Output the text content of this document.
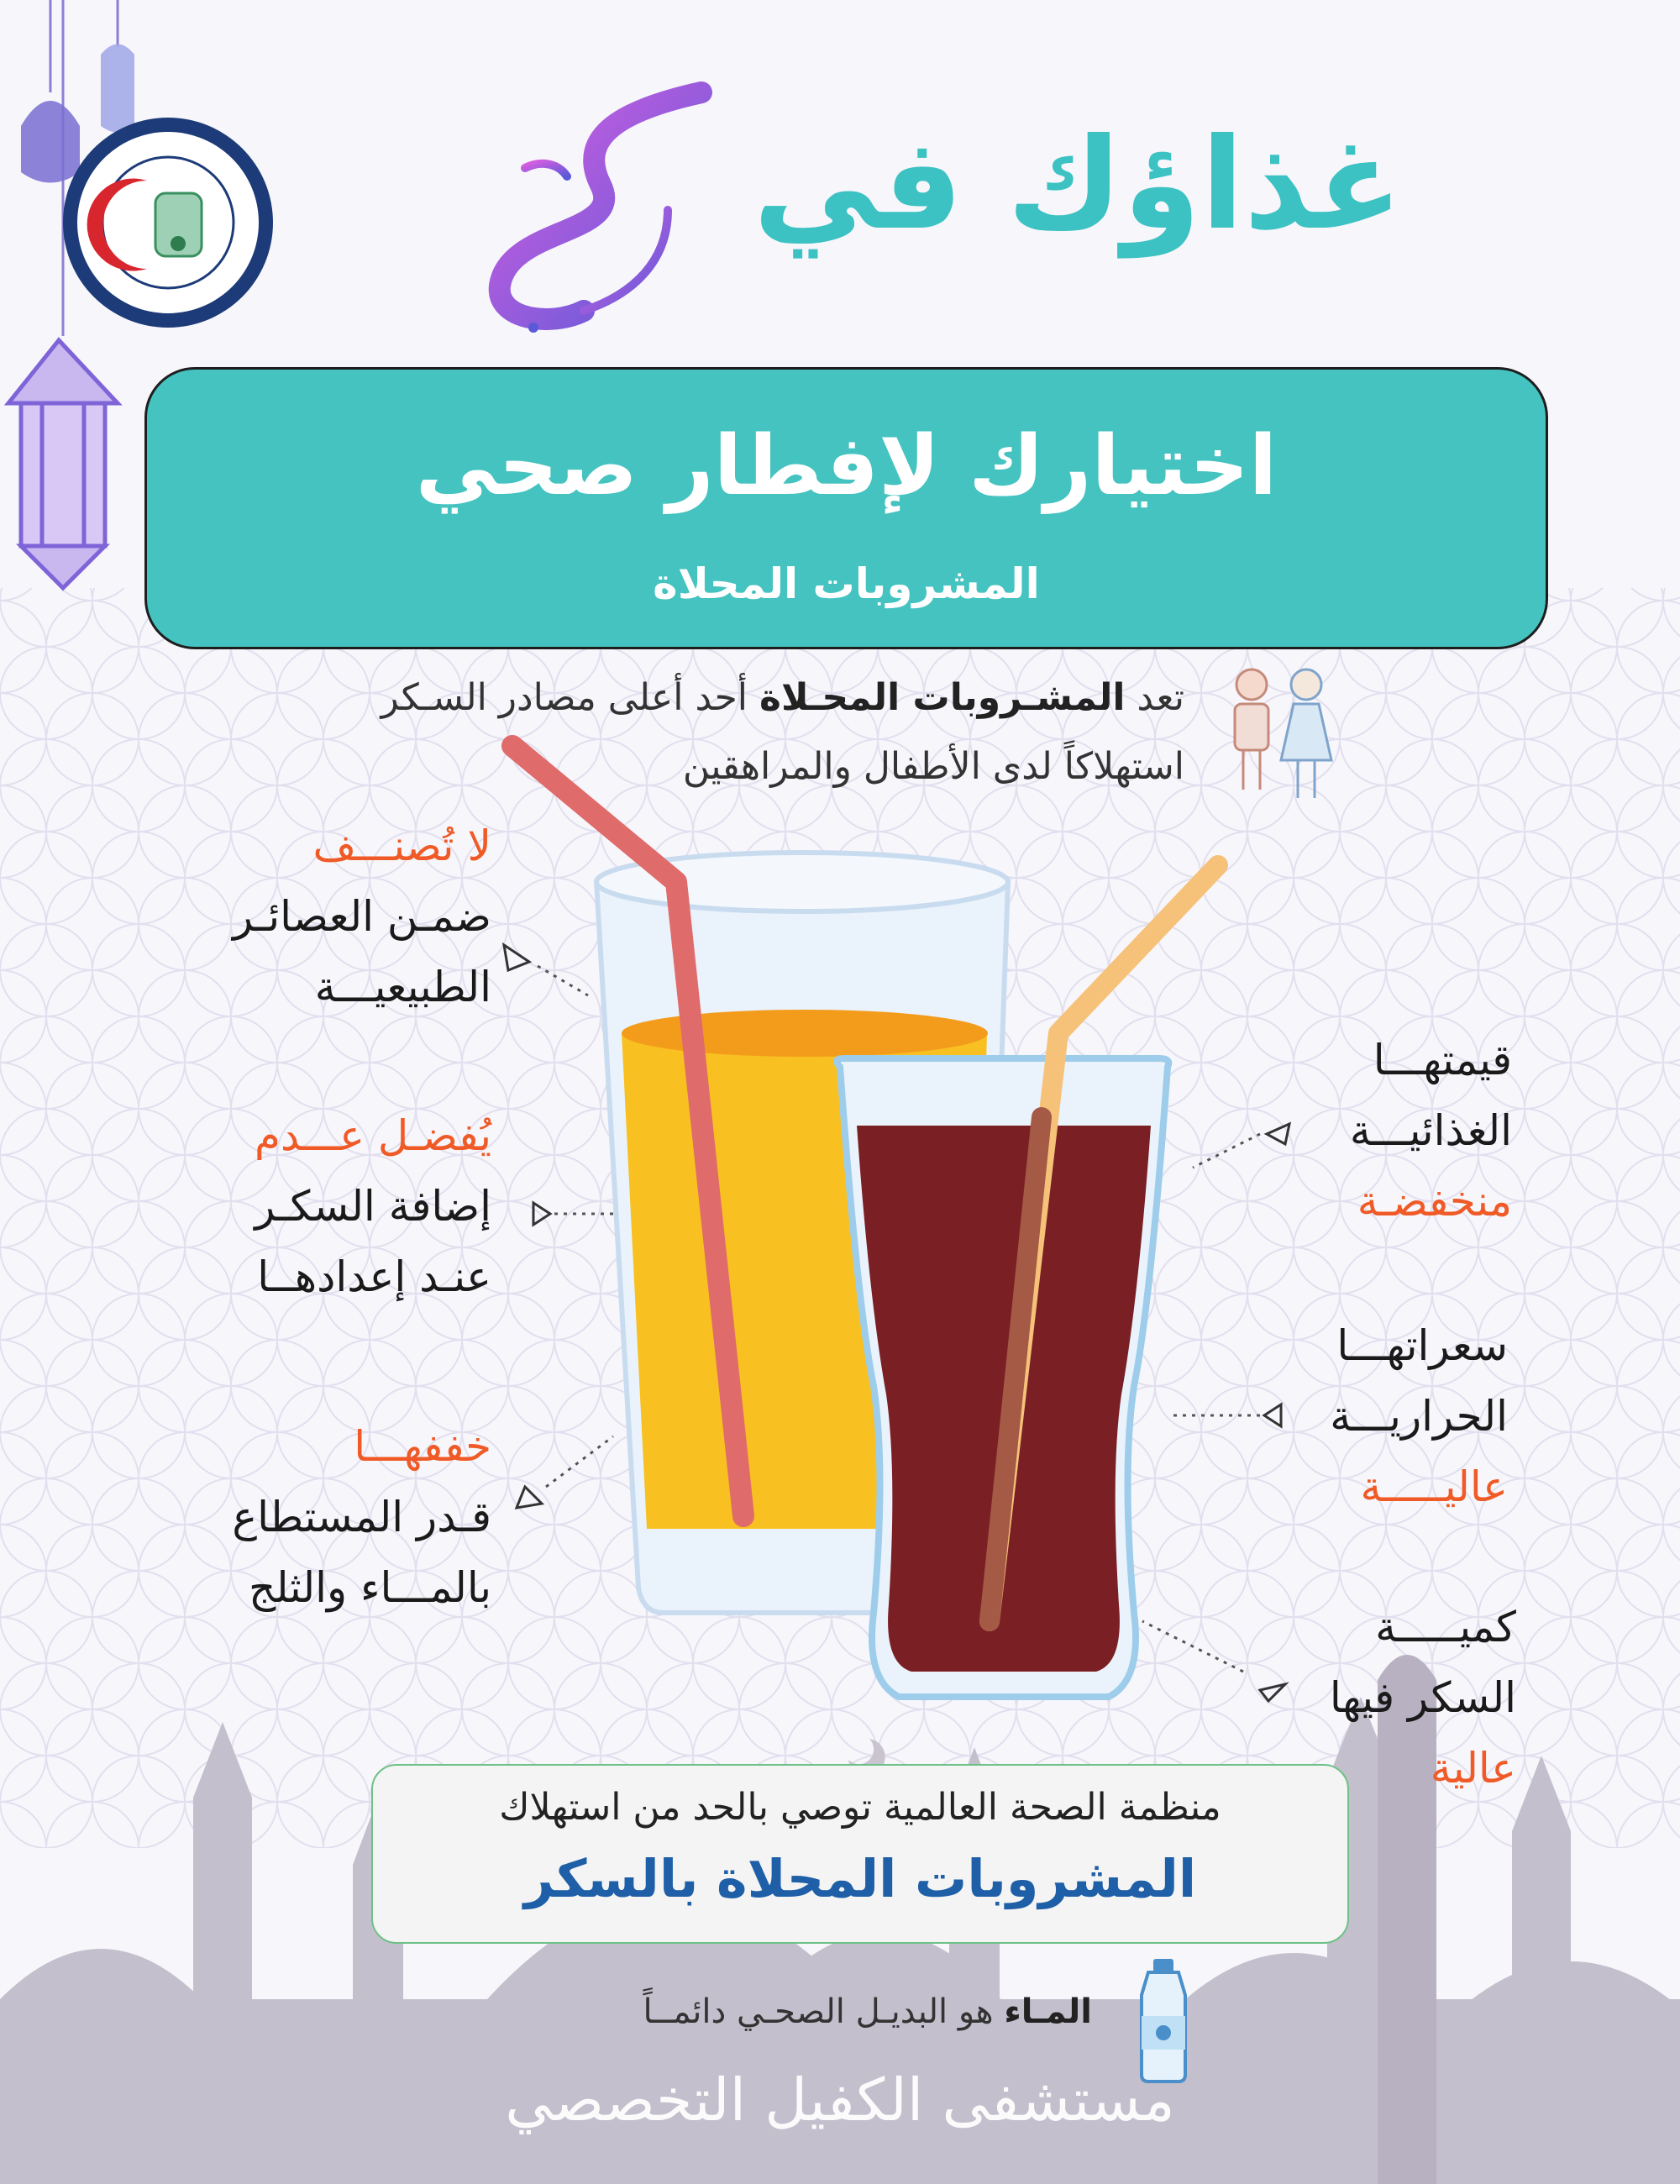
غذاؤك في
اختيارك لإفطار صحي
المشروبات المحلاة
تعد المشـروبات المحـلاة أحد أعلى مصادر السـكر
استهلاكاً لدى الأطفال والمراهقين
لا تُصنـــف
ضمـن العصائـر
الطبيعيـــة
يُفضـل عـــدم
إضافة السكـر
عنـد إعدادهــا
خففهـــا
قـدر المستطاع
بالمـــاء والثلج
قيمتهـــا
الغذائيـــة
منخفضـة
سعراتهـــا
الحراريـــة
عاليـــــة
كميـــــة
السكر فيها
عالية
منظمة الصحة العالمية توصي بالحد من استهلاك
المشروبات المحلاة بالسكر
المـاء هو البديـل الصحـي دائمــاً
مستشفى الكفيل التخصصي
